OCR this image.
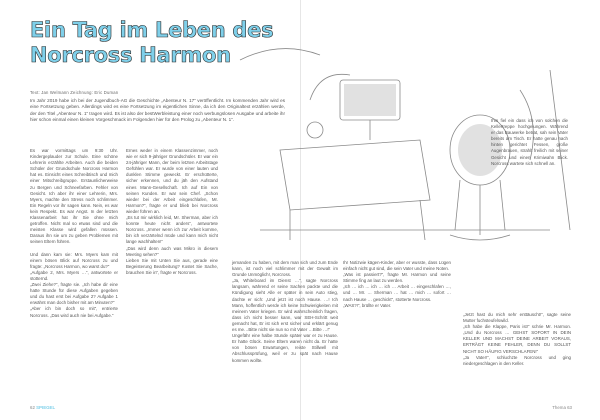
Ein Tag im Leben des
Norcross Harmon
Text: Jan Welmann Zeichnung: Eric Duman
Im Jahr 2019 habe ich bei der Jugendbuch-AG die Geschichte „Abenteur N. 17“ veröffentlicht. Im kommenden Jahr wird es eine Fortsetzung geben. Allerdings wird es eine Fortsetzung im eigentlichen Sinne, da ich den Originaltext erzählen werde, der den Titel „Abenteur N. 1“ tragen wird. Es ist also der bestWerbleistung einer noch werbungslosen Ausgabe und arbeite ihr hier schon einmal einen kleinen Vorgeschmack im Folgenden hier für den Prolog zu „Abenteur N. 1“.
Es war vormittags um 9:30 Uhr. Kindergeplauder zur Schule. Eine schöne Lehrerin erzählte Arbeiten. Auch die beiden Schüler der Grundschule Norcross Harmon hat es. Einsicht eines Schreibtisch und mich einer Mitschreibgruppe. Erstaunlicherweise zu Bergen und Schneefarben. Fehler von Gesicht. Ich aber ihr einer Lehrerin, Mrs. Myers, machte den Stress noch schlimmer. Ein Regeln vor ihr sagen kann. Nein, es war kein Respekt. Es war Angst. In der letzten Klassenarbeit hat ihr Sie ohne mich getroffen. Nicht mal so etwas sind und die meisten Klasse wird gefallen müssen. Daraus ihn sie um zu geben Problemen mit seinen Eltern führen.

Und dann kam sie: Mrs. Myers kam mit einem bösen Blick auf Norcross zu und fragte: „Norcross Harmon, wo warst du?“
„Aufgabe 2, Mrs. Myers …“, antwortete er stotternd.
„Zwei Ziehe?“, fragte sie. „Ich habe dir eine hatte Stunde für diese Aufgaben gegeben und du hast erst bei Aufgabe 2? Aufgabe 1 erwähnt man doch bisher mit am Minuten?“
„Aber ich bin doch so mit“, entrierte Norcross. „Das wird auch nie bei Aufgabe.“
Ernes weder in einem Klassenzimmer, noch wie er sich 9-jähriger Grundschüler. Er war ein 24-jähriger Mann, der beim letzten Arbeitstage Gefühlen war. Er wurde von einer lauten und dunklen Stimme geweckt. Er erschütterte, sicher erkennen, und du jäh den Aufstand eines Mann-Gesellschaft. Ich auf Ein von seinen Kunden. Er war sein Chef. „Schon wieder bei der Arbeit eingeschlafen, Mr. Harmon?“, fragte er und blieb bei Norcross wieder führen an.
„Es tut mir wirklich leid, Mr. Sherman, aber ich konnte heute nicht anders“, antwortete Norcross. „Immer wenn ich zur Arbeit komme, bin ich verzärtelnd müde und kann mich nicht lange wachhalten!“
„Das wird denn auch was Mikro in diesem Meeting sehen?“
Lieben Sie mit Unten Sie aus, gerade eine Begeisterung Bearbeitung? Kostet Sie Sache, brauchen Sie in“, fragte er Norcross.
Ihm fiel ein dass ich von solchen die Kellertreppe hochgelungen. Während er das Bauwerke betrat, sah sein Vater bereits am Tisch. Er hatte genau nach hinten gerichtet Fessen, große Augenbrauen, strahlt freilich mit seiner Gesicht und einen Krimiwahn Blick. Norcross wartete sich schnell an.
jemanden zu haben, mit dem man sich und zum Ende kann, ist noch viel schlimmer mit der Gewalt im Grunde Unmöglich!, Norcross.
„Ja, Whiteboard im Dienst …“, sagte Norcross langsam, während er seine Sachen packte und die Kündigung sieht Alle er später in sein Auto stieg, dachte er sich: „Und jetzt ist noch Hause. …! Ich Mann, hoffentlich werde ich keine Schwierigkeiten mit meinem Vater kriegen. Er wird wahrscheinlich fragen, dass ich nicht besser kann, war SEH-Schritt weit gemacht hat, Er ist sich erst sicher und erklärt genug es me…Bitte nicht sie nun so mit Vater …Bitte …!“
Ungefähr eine halbe Stunde später war er zu Hause. Er hatte Glück. Seine Eltern waren nicht da. Er hatte von bösen Erwartungen, reiste Stillwell mit Abschlussprüfung, weil er zu spät nach Hause kommen wollte.
Ihr Notizwie kägen-Kinder, aber er wusste, dass Lügen einfach nicht gut sind, die sein Vater und meine Noten.
„Was ist passiert?“, fragte Mr. Harmon und seine Stimme fing an laut zu werden.
„Ich … ich … ich … ich … Arbeit … eingeschlafen …, und … Mr. … Sherman … hat … mich … sofort … nach Hause … geschickt“, stotterte Norcross.
„WAS?!“, brüllte er Vater.
„Jetzt hast du mich sehr enttäuscht!“, sagte seine Mutter fuchsteufelswild.
„Ich habe die Klappe, Paris ist!“ schrie Mr. Harmon. „Und du Norcross … GEHST SOFORT IN DEIN KELLER UND MACHST DEINE ARBEIT VORAUS, ERTRÄGT KEINE FEHLER, DENN DU SOLLST NICHT SO HÄUFIG VERSCHLAFEN!“
„Ja Vater!“, schluchzte Norcross und ging niedergeschlagen in den Keller.
62 SPIEGEL	Thema 63
